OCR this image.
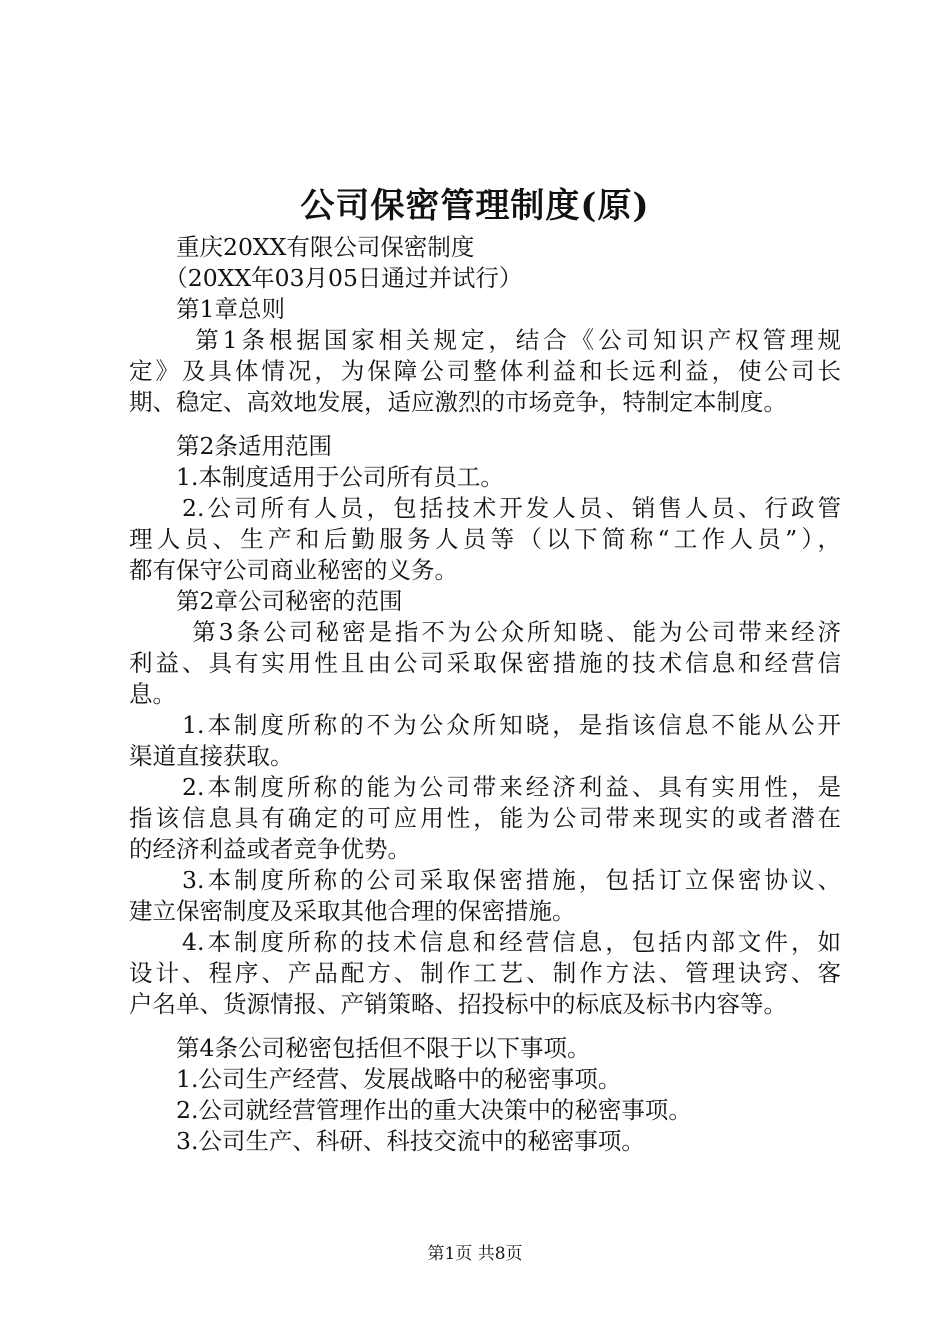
公司保密管理制度(原)
　　重庆20XX有限公司保密制度
　　（20XX年03月05日通过并试行）
　　第1章总则
　　 第1条根据国家相关规定，结合《公司知识产权管理规
定》及具体情况，为保障公司整体利益和长远利益，使公司长
期、稳定、高效地发展，适应激烈的市场竞争，特制定本制度。
　　第2条适用范围
　　1.本制度适用于公司所有员工。
　　2.公司所有人员，包括技术开发人员、销售人员、行政管
理人员、生产和后勤服务人员等（以下简称“工作人员”），
都有保守公司商业秘密的义务。
　　第2章公司秘密的范围
　　 第3条公司秘密是指不为公众所知晓、能为公司带来经济
利益、具有实用性且由公司采取保密措施的技术信息和经营信
息。
　　1.本制度所称的不为公众所知晓，是指该信息不能从公开
渠道直接获取。
　　2.本制度所称的能为公司带来经济利益、具有实用性，是
指该信息具有确定的可应用性，能为公司带来现实的或者潜在
的经济利益或者竞争优势。
　　3.本制度所称的公司采取保密措施，包括订立保密协议、
建立保密制度及采取其他合理的保密措施。
　　4.本制度所称的技术信息和经营信息，包括内部文件，如
设计、程序、产品配方、制作工艺、制作方法、管理诀窍、客
户名单、货源情报、产销策略、招投标中的标底及标书内容等。
　　第4条公司秘密包括但不限于以下事项。
　　1.公司生产经营、发展战略中的秘密事项。
　　2.公司就经营管理作出的重大决策中的秘密事项。
　　3.公司生产、科研、科技交流中的秘密事项。
第1页 共8页
